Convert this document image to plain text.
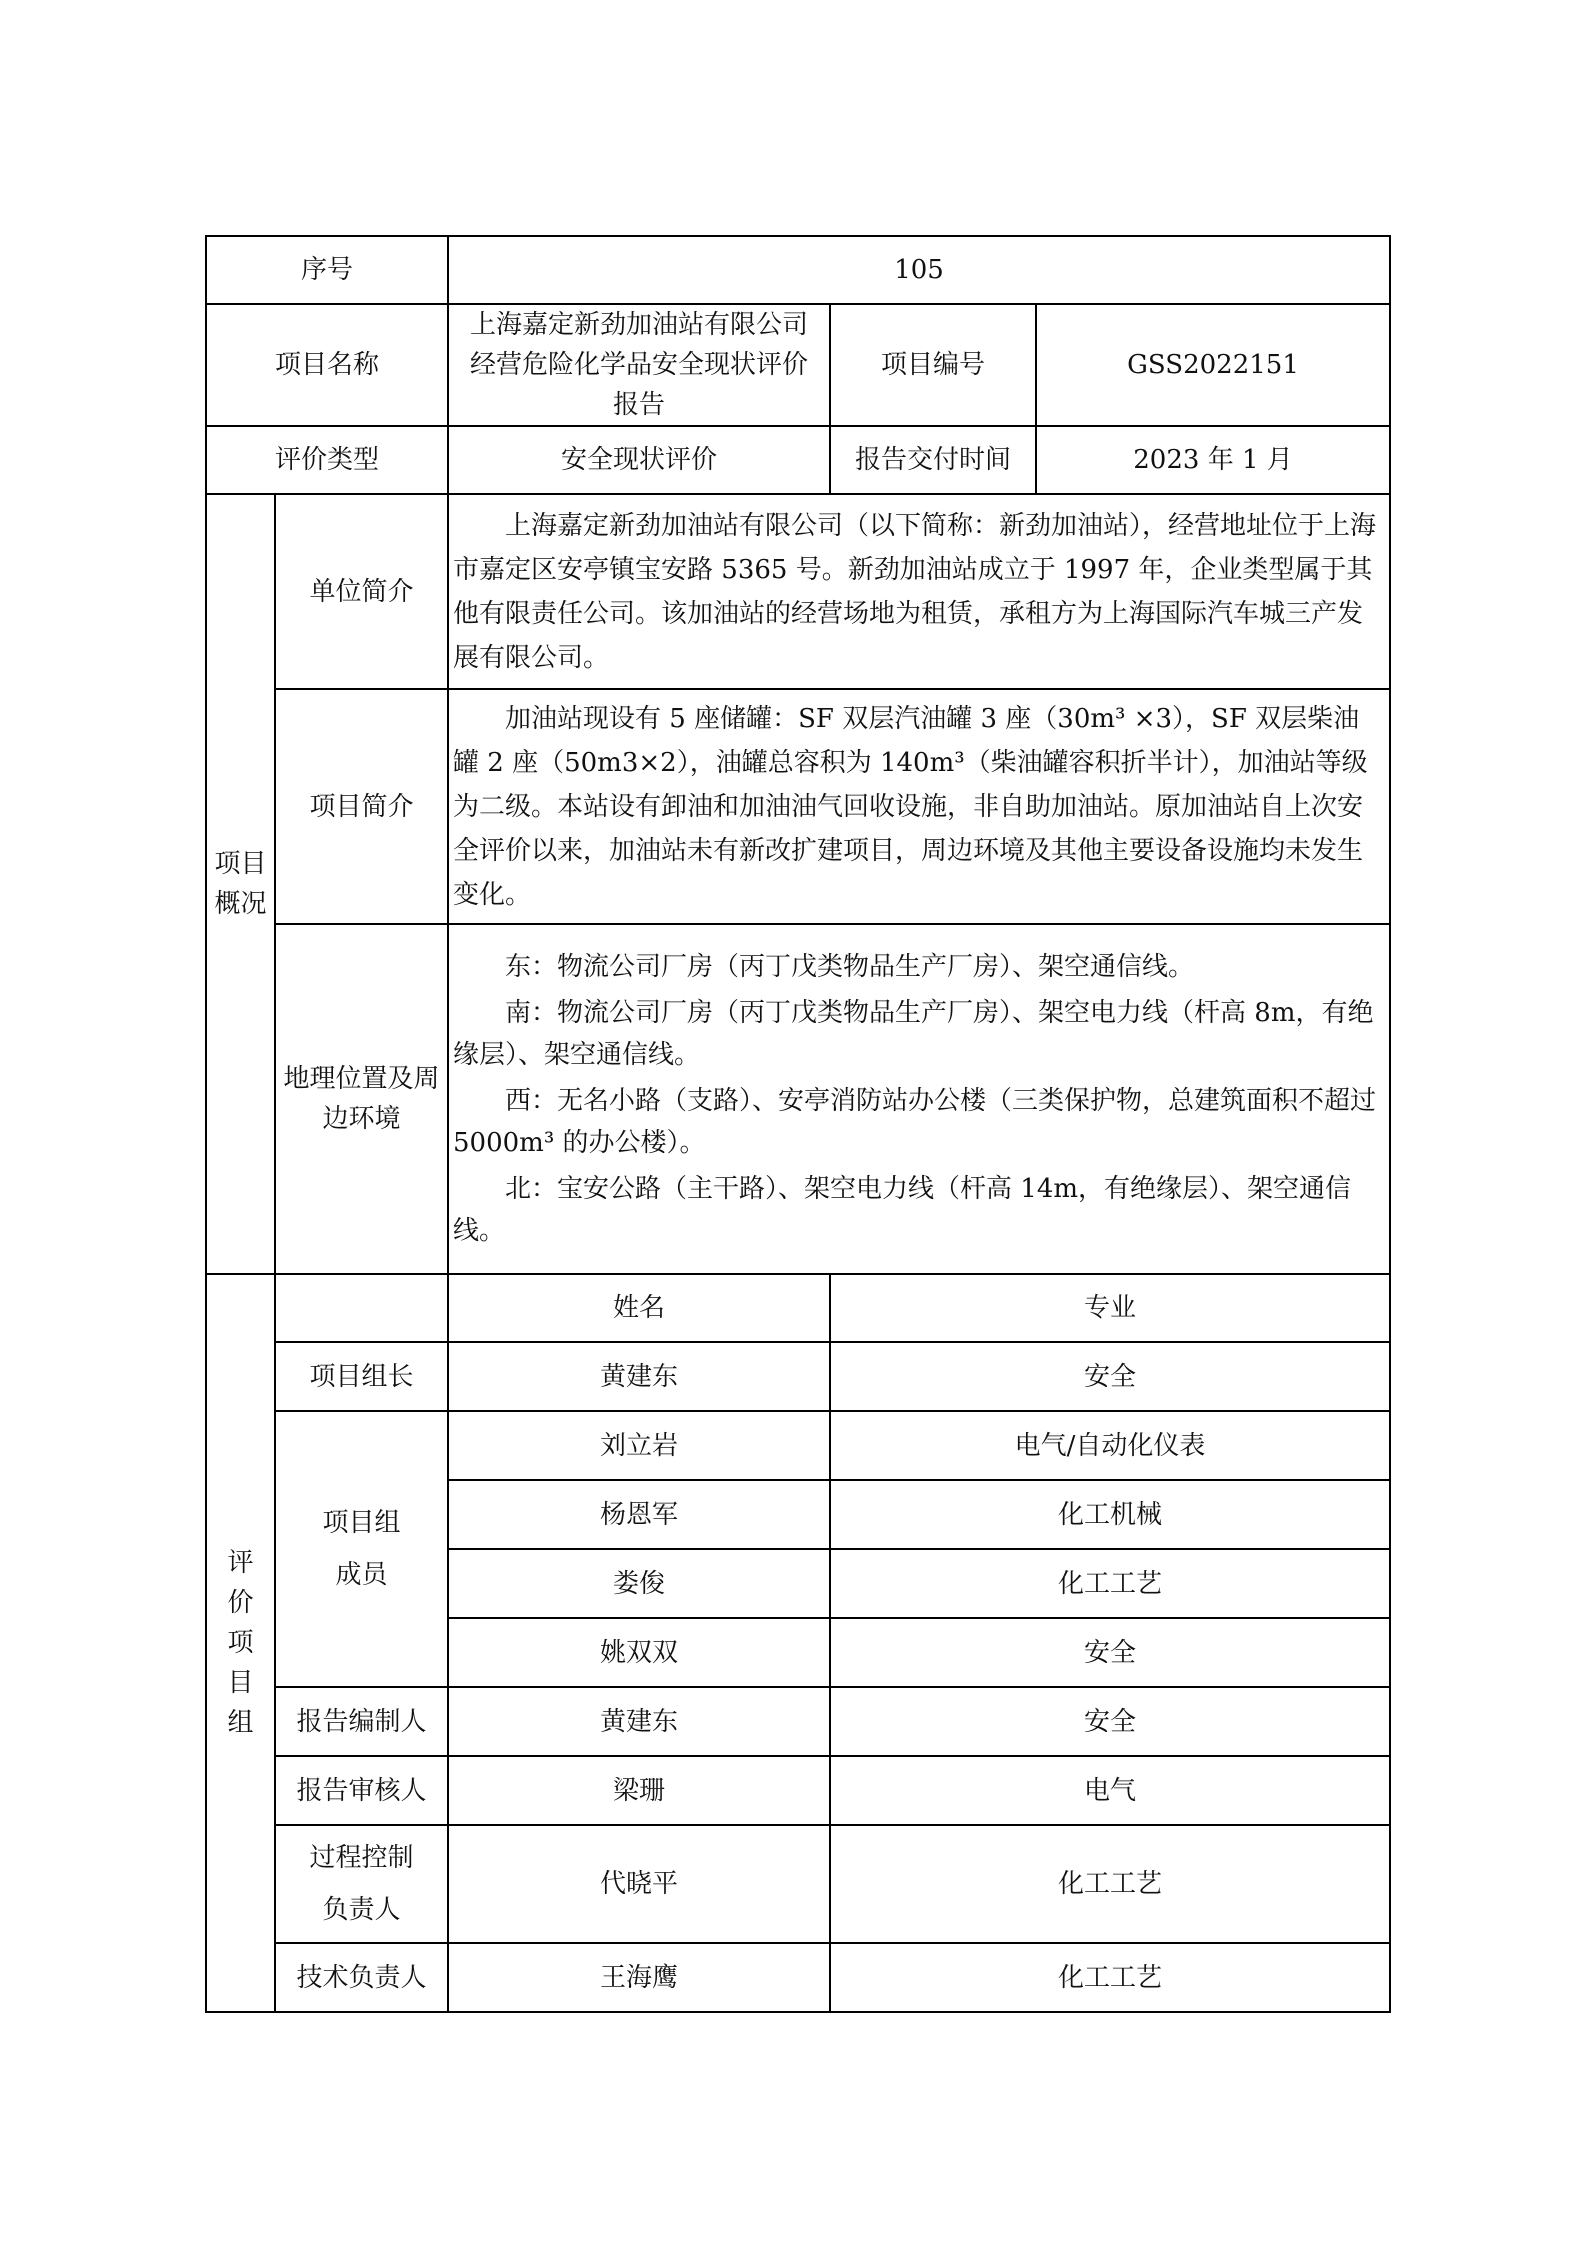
序号		105		
项目名称		上海嘉定新劲加油站有限公司经营危险化学品安全现状评价报告	项目编号	GSS2022151
评价类型		安全现状评价	报告交付时间	2023 年 1 月
项目概况	单位简介	上海嘉定新劲加油站有限公司（以下简称：新劲加油站），经营地址位于上海市嘉定区安亭镇宝安路 5365 号。新劲加油站成立于 1997 年，企业类型属于其他有限责任公司。该加油站的经营场地为租赁，承租方为上海国际汽车城三产发展有限公司。		

	项目简介	加油站现设有 5 座储罐：SF 双层汽油罐 3 座（30m³ ×3），SF 双层柴油罐 2 座（50m3×2），油罐总容积为 140m³（柴油罐容积折半计），加油站等级为二级。本站设有卸油和加油油气回收设施，非自助加油站。原加油站自上次安全评价以来，加油站未有新改扩建项目，周边环境及其他主要设备设施均未发生变化。		

	地理位置及周边环境	东：物流公司厂房（丙丁戊类物品生产厂房）、架空通信线。

南：物流公司厂房（丙丁戊类物品生产厂房）、架空电力线（杆高 8m，有绝缘层）、架空通信线。

西：无名小路（支路）、安亭消防站办公楼（三类保护物，总建筑面积不超过 5000m³ 的办公楼）。

北：宝安公路（主干路）、架空电力线（杆高 14m，有绝缘层）、架空通信线。		

评价项目组		姓名	专业	
	项目组长	黄建东	安全	
	项目组成员	刘立岩	电气/自动化仪表	
		杨恩军	化工机械	
		娄俊	化工工艺	
		姚双双	安全	
	报告编制人	黄建东	安全	
	报告审核人	梁珊	电气	
	过程控制负责人	代晓平	化工工艺	
	技术负责人	王海鹰	化工工艺	
